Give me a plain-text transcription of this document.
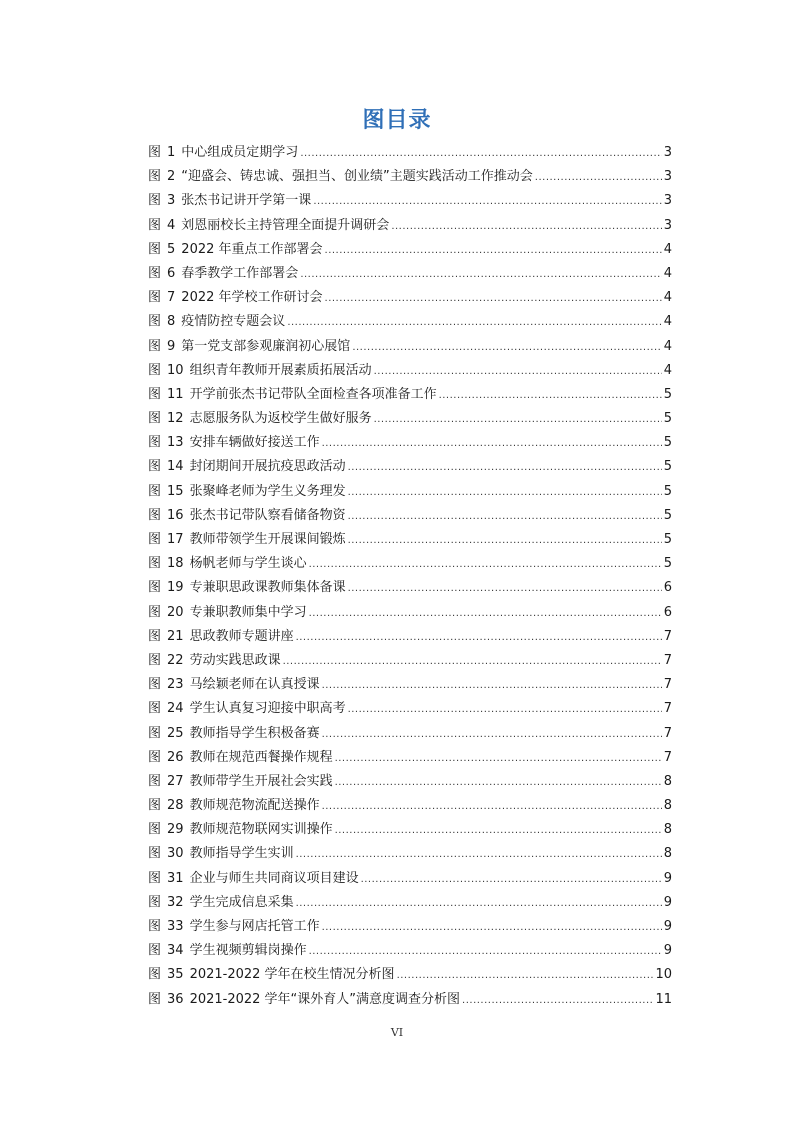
图目录
图 1 中心组成员定期学习 .....	3
图 2 “迎盛会、铸忠诚、强担当、创业绩”主题实践活动工作推动会 .....	3
图 3 张杰书记讲开学第一课 .....	3
图 4 刘恩丽校长主持管理全面提升调研会 .....	3
图 5 2022 年重点工作部署会 .....	4
图 6 春季教学工作部署会 .....	4
图 7 2022 年学校工作研讨会 .....	4
图 8 疫情防控专题会议 .....	4
图 9 第一党支部参观廉润初心展馆 .....	4
图 10 组织青年教师开展素质拓展活动 .....	4
图 11 开学前张杰书记带队全面检查各项准备工作 .....	5
图 12 志愿服务队为返校学生做好服务 .....	5
图 13 安排车辆做好接送工作 .....	5
图 14 封闭期间开展抗疫思政活动 .....	5
图 15 张聚峰老师为学生义务理发 .....	5
图 16 张杰书记带队察看储备物资 .....	5
图 17 教师带领学生开展课间锻炼 .....	5
图 18 杨帆老师与学生谈心 .....	5
图 19 专兼职思政课教师集体备课 .....	6
图 20 专兼职教师集中学习 .....	6
图 21 思政教师专题讲座 .....	7
图 22 劳动实践思政课 .....	7
图 23 马绘颖老师在认真授课 .....	7
图 24 学生认真复习迎接中职高考 .....	7
图 25 教师指导学生积极备赛 .....	7
图 26 教师在规范西餐操作规程 .....	7
图 27 教师带学生开展社会实践 .....	8
图 28 教师规范物流配送操作 .....	8
图 29 教师规范物联网实训操作 .....	8
图 30 教师指导学生实训 .....	8
图 31 企业与师生共同商议项目建设 .....	9
图 32 学生完成信息采集 .....	9
图 33 学生参与网店托管工作 .....	9
图 34 学生视频剪辑岗操作 .....	9
图 35 2021-2022 学年在校生情况分析图 .....	10
图 36 2021-2022 学年“课外育人”满意度调查分析图 .....	11
VI
